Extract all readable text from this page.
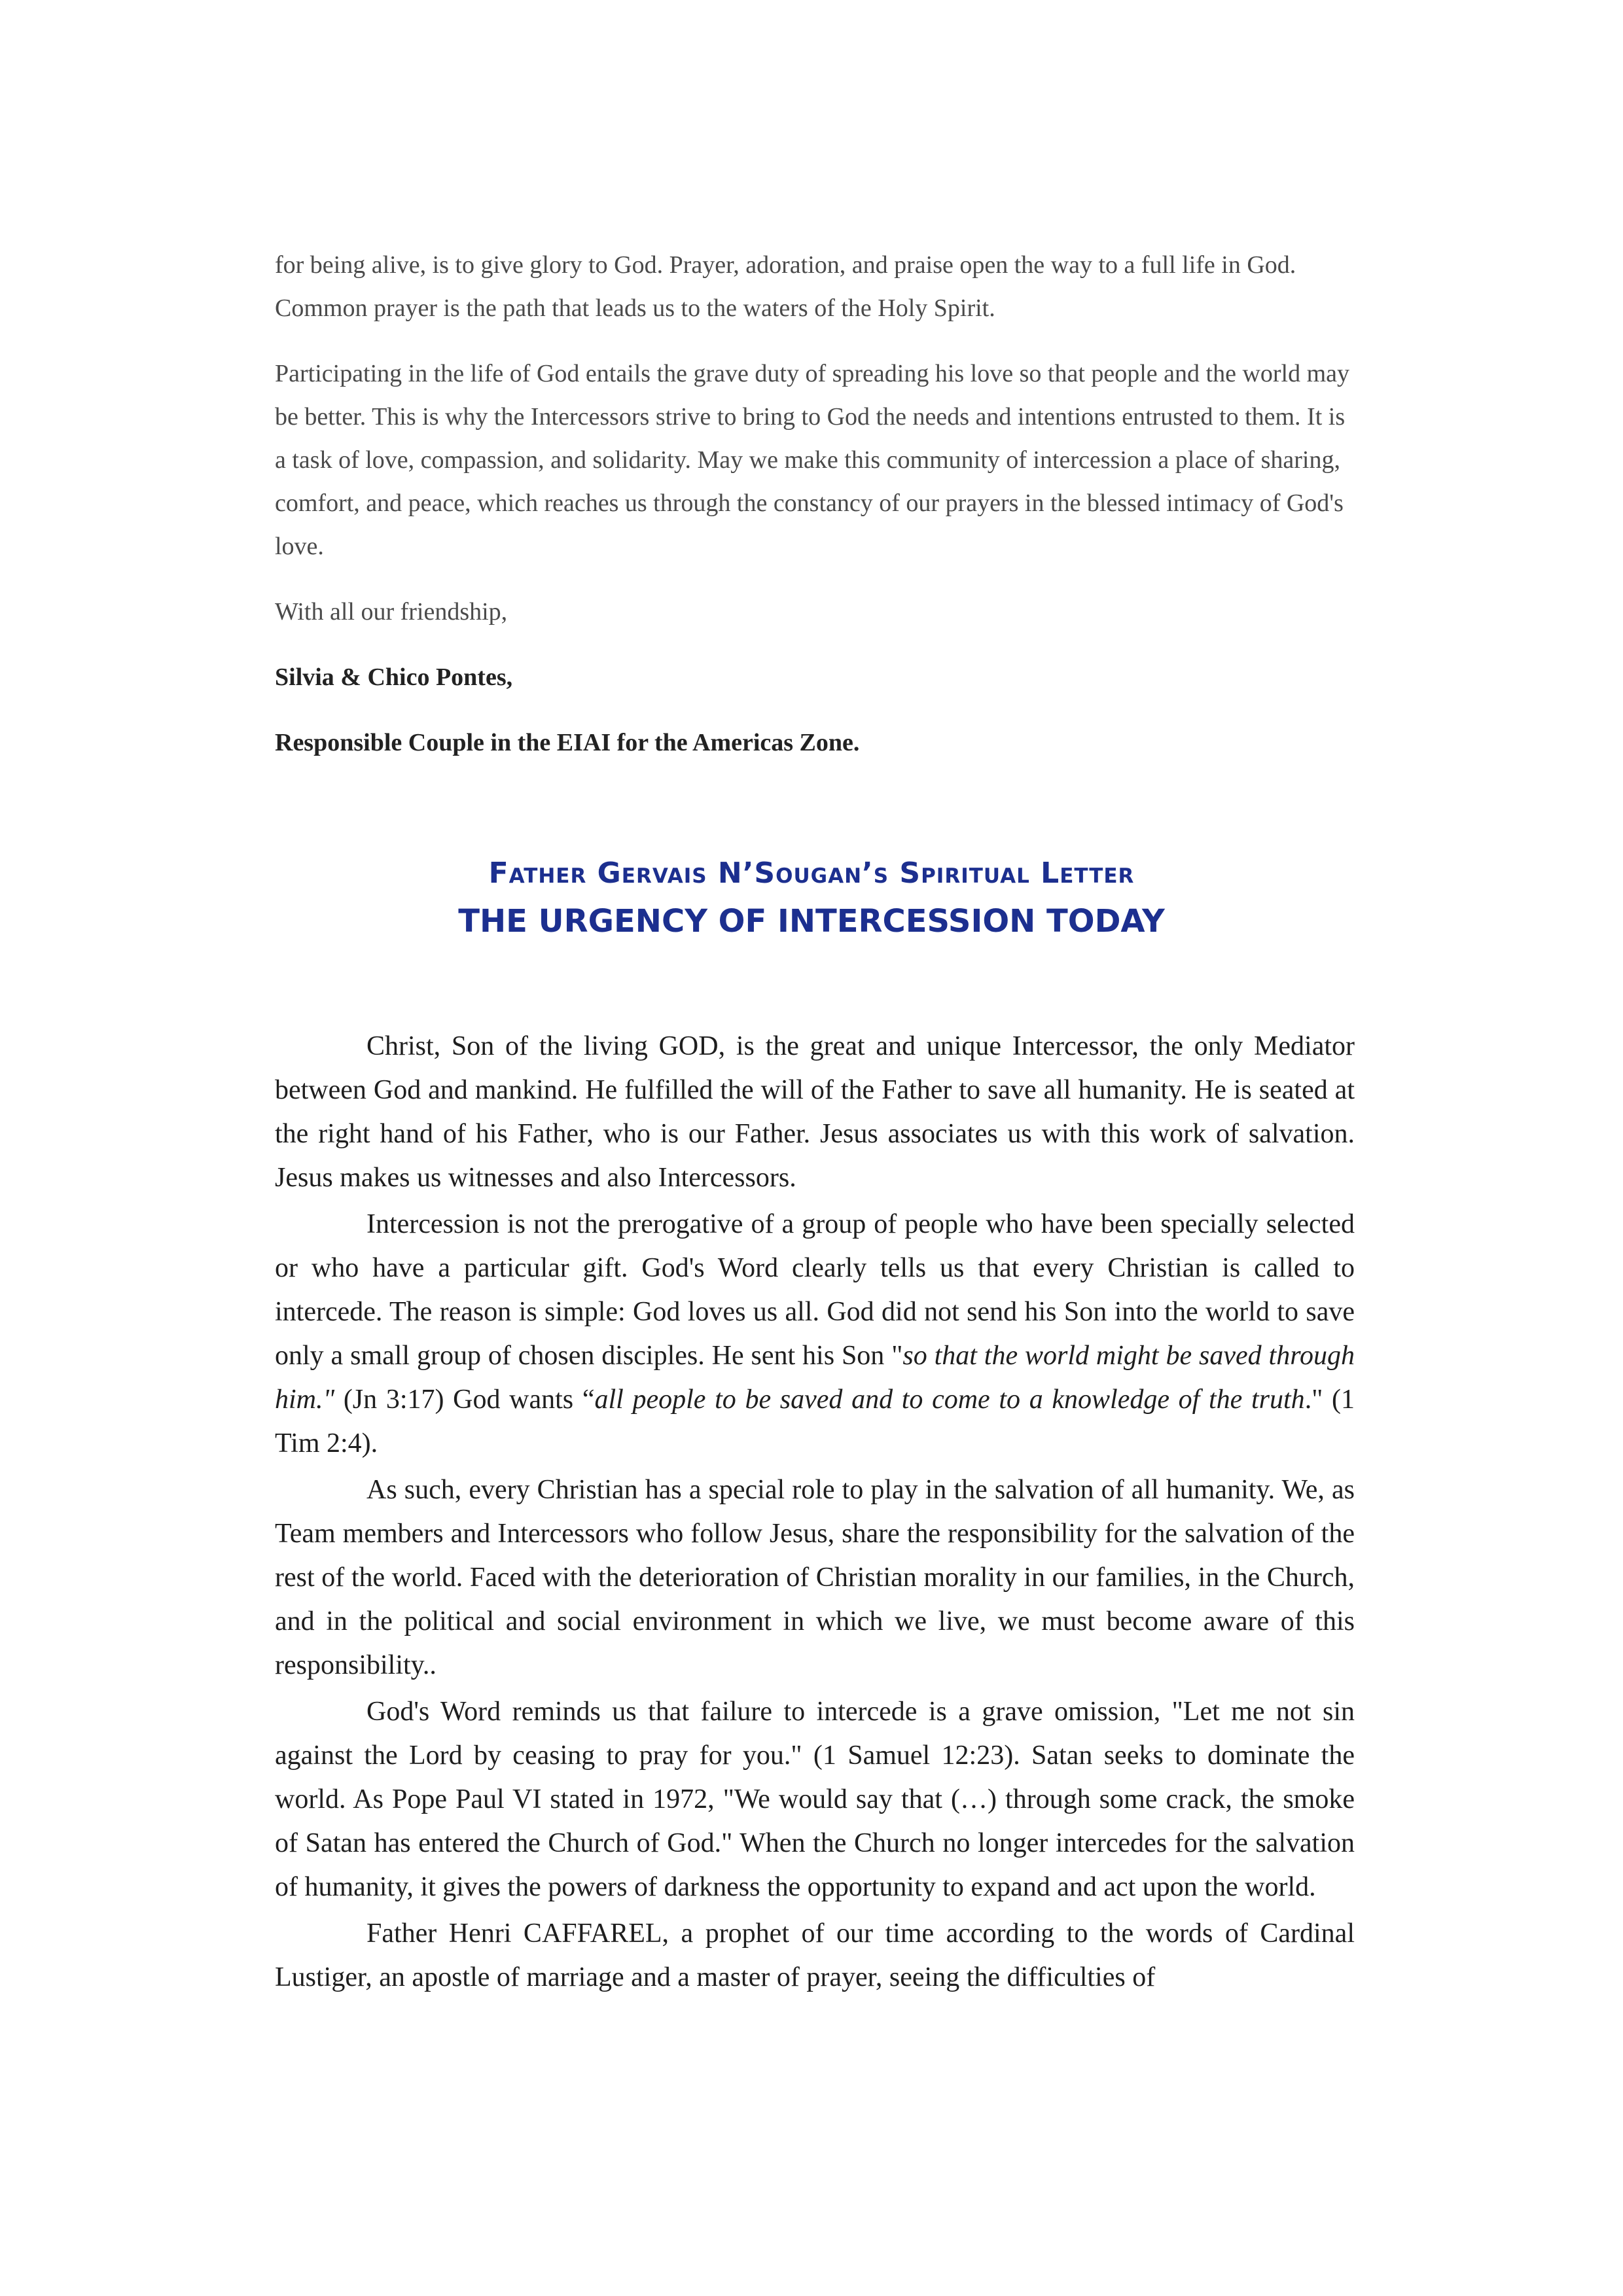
for being alive, is to give glory to God. Prayer, adoration, and praise open the way to a full life in God. Common prayer is the path that leads us to the waters of the Holy Spirit.

Participating in the life of God entails the grave duty of spreading his love so that people and the world may be better. This is why the Intercessors strive to bring to God the needs and intentions entrusted to them. It is a task of love, compassion, and solidarity. May we make this community of intercession a place of sharing, comfort, and peace, which reaches us through the constancy of our prayers in the blessed intimacy of God's love.

With all our friendship,

Silvia & Chico Pontes,

Responsible Couple in the EIAI for the Americas Zone.

Father Gervais N’Sougan’s Spiritual Letter

THE URGENCY OF INTERCESSION TODAY

Christ, Son of the living GOD, is the great and unique Intercessor, the only Mediator between God and mankind. He fulfilled the will of the Father to save all humanity. He is seated at the right hand of his Father, who is our Father. Jesus associates us with this work of salvation. Jesus makes us witnesses and also Intercessors.

Intercession is not the prerogative of a group of people who have been specially selected or who have a particular gift. God's Word clearly tells us that every Christian is called to intercede. The reason is simple: God loves us all. God did not send his Son into the world to save only a small group of chosen disciples. He sent his Son "so that the world might be saved through him." (Jn 3:17) God wants “all people to be saved and to come to a knowledge of the truth." (1 Tim 2:4).

As such, every Christian has a special role to play in the salvation of all humanity. We, as Team members and Intercessors who follow Jesus, share the responsibility for the salvation of the rest of the world. Faced with the deterioration of Christian morality in our families, in the Church, and in the political and social environment in which we live, we must become aware of this responsibility..

God's Word reminds us that failure to intercede is a grave omission, "Let me not sin against the Lord by ceasing to pray for you." (1 Samuel 12:23). Satan seeks to dominate the world. As Pope Paul VI stated in 1972, "We would say that (…) through some crack, the smoke of Satan has entered the Church of God." When the Church no longer intercedes for the salvation of humanity, it gives the powers of darkness the opportunity to expand and act upon the world.

Father Henri CAFFAREL, a prophet of our time according to the words of Cardinal Lustiger, an apostle of marriage and a master of prayer, seeing the difficulties of
